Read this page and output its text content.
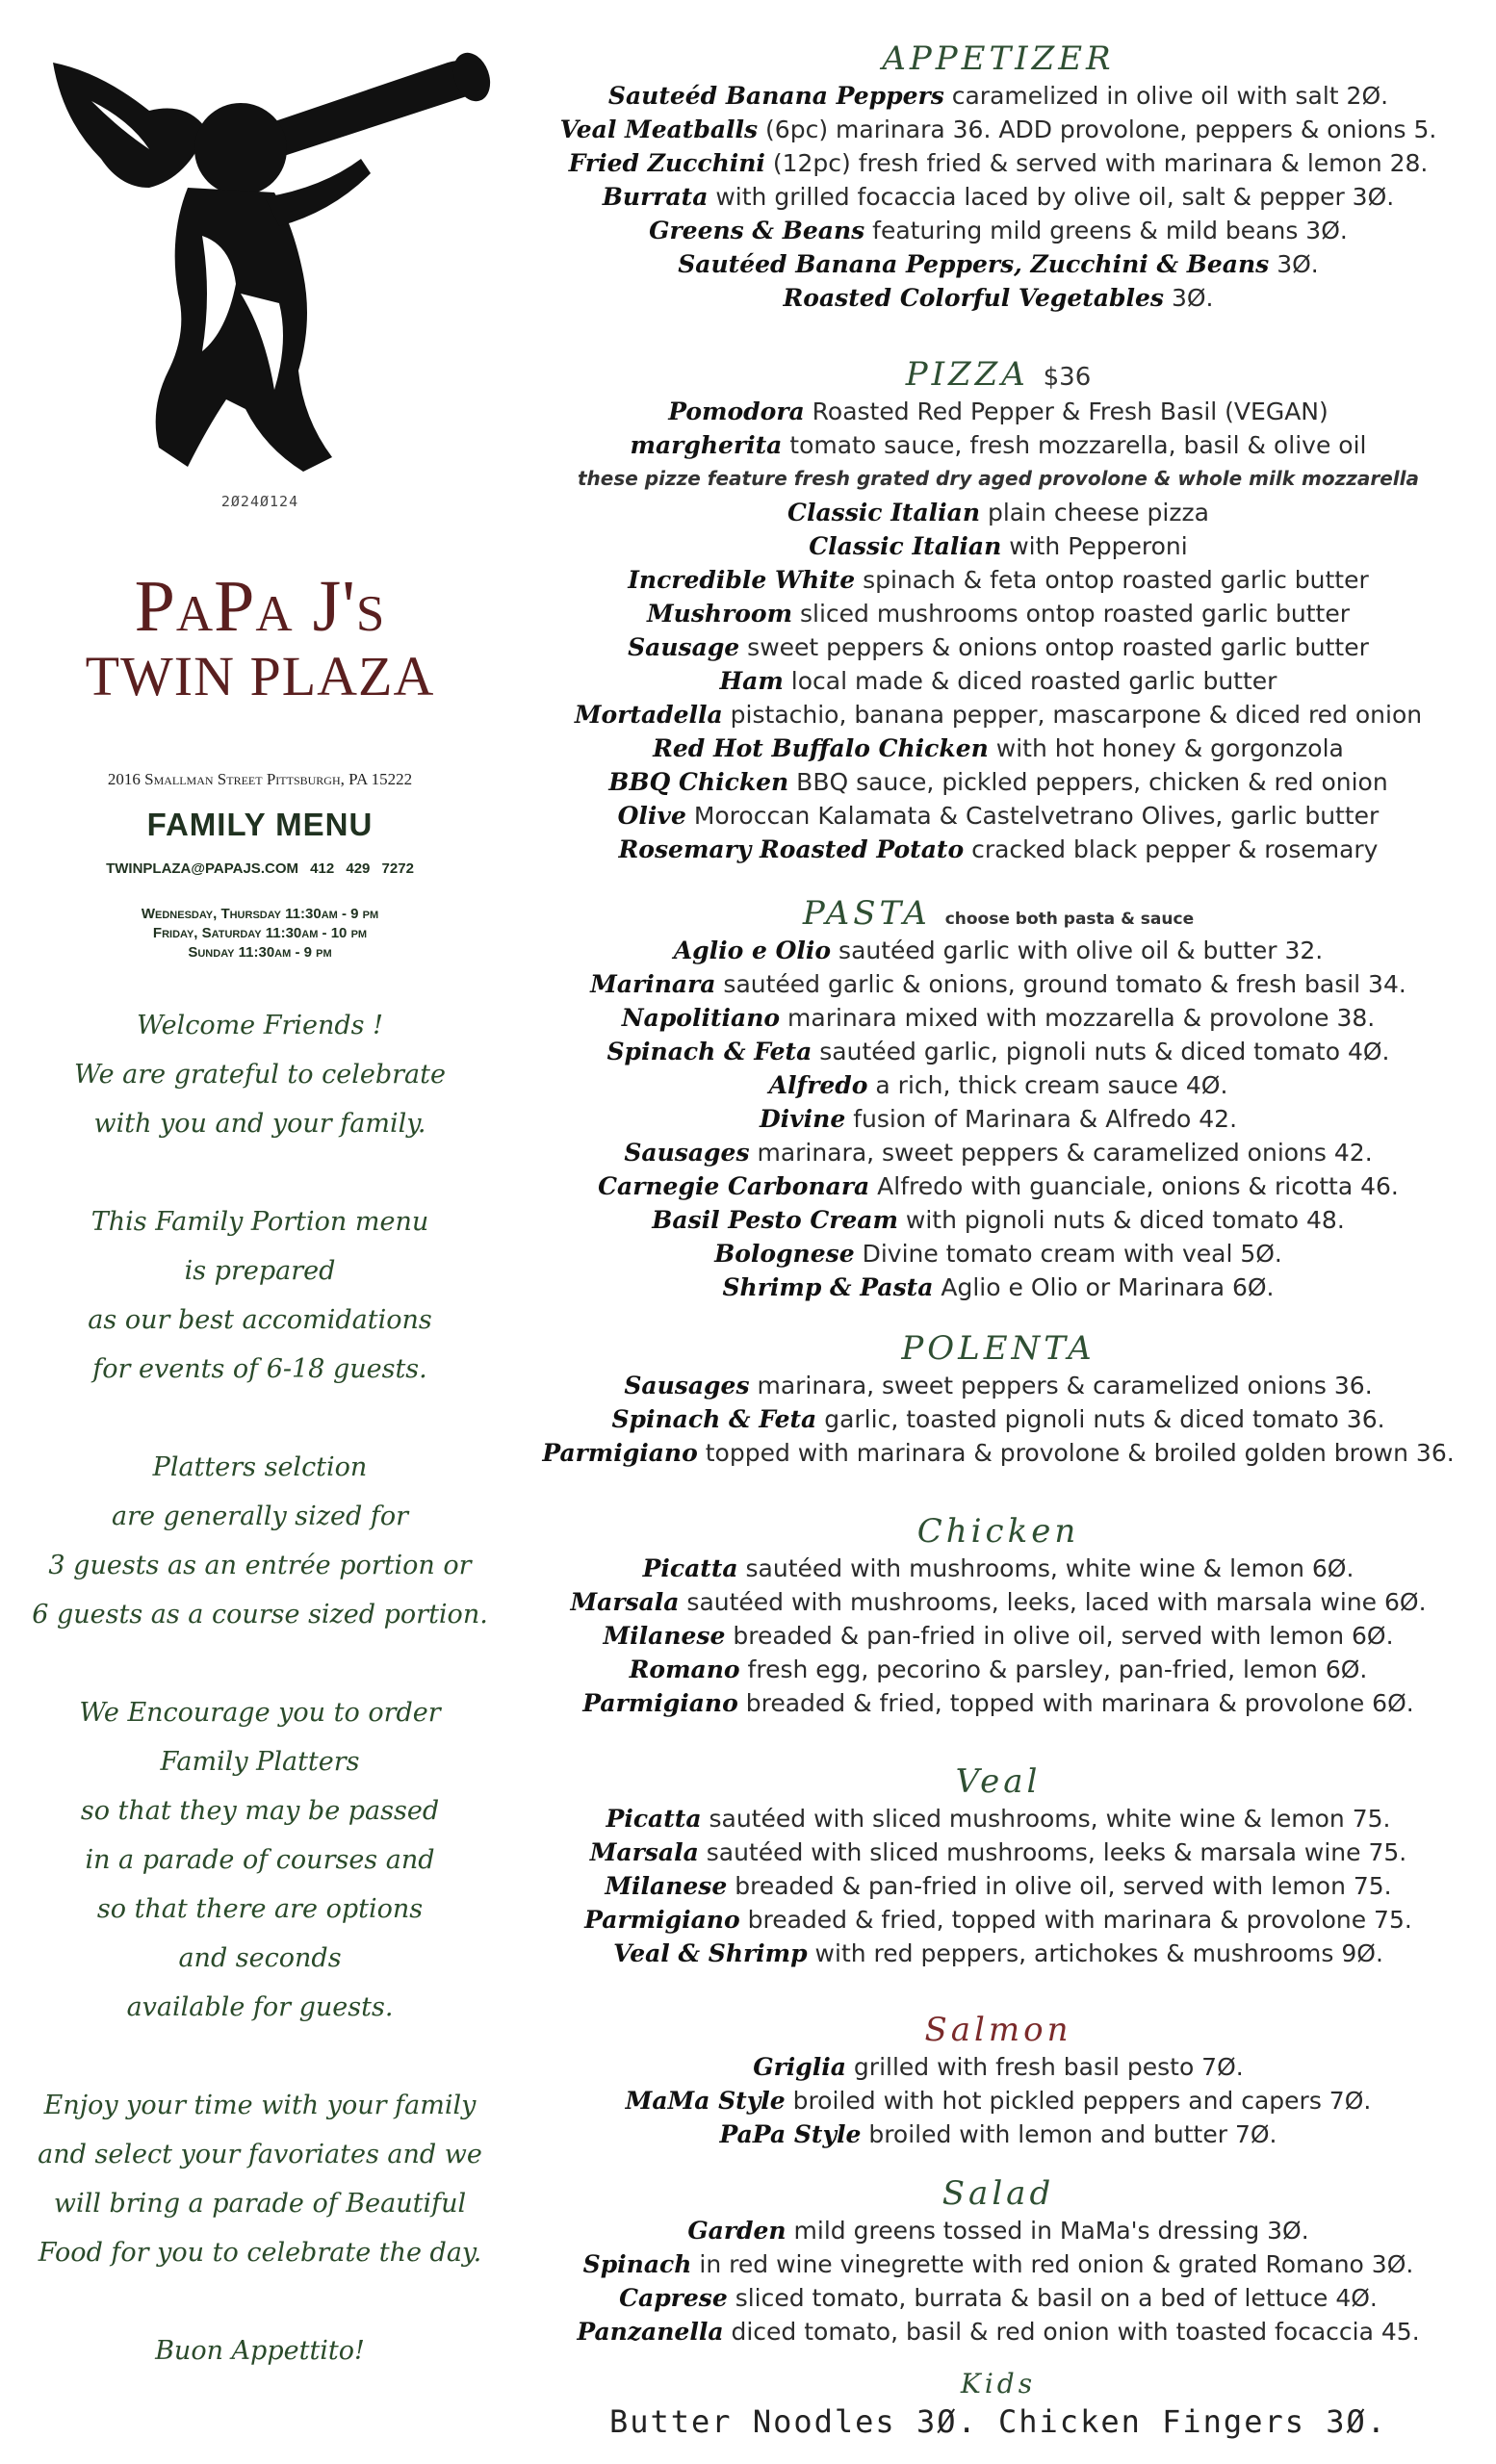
2Ø24Ø124
PaPa J's
TWIN PLAZA
2016 Smallman Street Pittsburgh, PA 15222
FAMILY MENU
TWINPLAZA@PAPAJS.COM 412 429 7272
Wednesday, Thursday 11:30am - 9 pm
Friday, Saturday 11:30am - 10 pm
Sunday 11:30am - 9 pm
Welcome Friends !
We are grateful to celebrate
with you and your family.
This Family Portion menu
is prepared
as our best accomidations
for events of 6-18 guests.
Platters selction
are generally sized for
3 guests as an entrée portion or
6 guests as a course sized portion.
We Encourage you to order
Family Platters
so that they may be passed
in a parade of courses and
so that there are options
and seconds
available for guests.
Enjoy your time with your family
and select your favoriates and we
will bring a parade of Beautiful
Food for you to celebrate the day.
Buon Appettito!
APPETIZER
Sauteéd Banana Peppers caramelized in olive oil with salt 2Ø.
Veal Meatballs (6pc) marinara 36. ADD provolone, peppers & onions 5.
Fried Zucchini (12pc) fresh fried & served with marinara & lemon 28.
Burrata with grilled focaccia laced by olive oil, salt & pepper 3Ø.
Greens & Beans featuring mild greens & mild beans 3Ø.
Sautéed Banana Peppers, Zucchini & Beans 3Ø.
Roasted Colorful Vegetables 3Ø.
PIZZA $36
Pomodora Roasted Red Pepper & Fresh Basil (VEGAN)
margherita tomato sauce, fresh mozzarella, basil & olive oil
these pizze feature fresh grated dry aged provolone & whole milk mozzarella
Classic Italian plain cheese pizza
Classic Italian with Pepperoni
Incredible White spinach & feta ontop roasted garlic butter
Mushroom sliced mushrooms ontop roasted garlic butter
Sausage sweet peppers & onions ontop roasted garlic butter
Ham local made & diced roasted garlic butter
Mortadella pistachio, banana pepper, mascarpone & diced red onion
Red Hot Buffalo Chicken with hot honey & gorgonzola
BBQ Chicken BBQ sauce, pickled peppers, chicken & red onion
Olive Moroccan Kalamata & Castelvetrano Olives, garlic butter
Rosemary Roasted Potato cracked black pepper & rosemary
PASTA choose both pasta & sauce
Aglio e Olio sautéed garlic with olive oil & butter 32.
Marinara sautéed garlic & onions, ground tomato & fresh basil 34.
Napolitiano marinara mixed with mozzarella & provolone 38.
Spinach & Feta sautéed garlic, pignoli nuts & diced tomato 4Ø.
Alfredo a rich, thick cream sauce 4Ø.
Divine fusion of Marinara & Alfredo 42.
Sausages marinara, sweet peppers & caramelized onions 42.
Carnegie Carbonara Alfredo with guanciale, onions & ricotta 46.
Basil Pesto Cream with pignoli nuts & diced tomato 48.
Bolognese Divine tomato cream with veal 5Ø.
Shrimp & Pasta Aglio e Olio or Marinara 6Ø.
POLENTA
Sausages marinara, sweet peppers & caramelized onions 36.
Spinach & Feta garlic, toasted pignoli nuts & diced tomato 36.
Parmigiano topped with marinara & provolone & broiled golden brown 36.
Chicken
Picatta sautéed with mushrooms, white wine & lemon 6Ø.
Marsala sautéed with mushrooms, leeks, laced with marsala wine 6Ø.
Milanese breaded & pan-fried in olive oil, served with lemon 6Ø.
Romano fresh egg, pecorino & parsley, pan-fried, lemon 6Ø.
Parmigiano breaded & fried, topped with marinara & provolone 6Ø.
Veal
Picatta sautéed with sliced mushrooms, white wine & lemon 75.
Marsala sautéed with sliced mushrooms, leeks & marsala wine 75.
Milanese breaded & pan-fried in olive oil, served with lemon 75.
Parmigiano breaded & fried, topped with marinara & provolone 75.
Veal & Shrimp with red peppers, artichokes & mushrooms 9Ø.
Salmon
Griglia grilled with fresh basil pesto 7Ø.
MaMa Style broiled with hot pickled peppers and capers 7Ø.
PaPa Style broiled with lemon and butter 7Ø.
Salad
Garden mild greens tossed in MaMa's dressing 3Ø.
Spinach in red wine vinegrette with red onion & grated Romano 3Ø.
Caprese sliced tomato, burrata & basil on a bed of lettuce 4Ø.
Panzanella diced tomato, basil & red onion with toasted focaccia 45.
Kids
Butter Noodles 3Ø. Chicken Fingers 3Ø.
